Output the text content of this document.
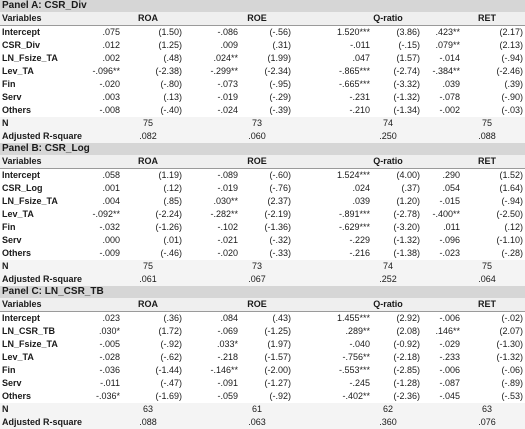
Panel A: CSR_Div
Variables	ROA	ROE	Q-ratio	RET
Intercept	.075	(1.50)	-.086	(-.56)	1.520***	(3.86) .423**	(2.17)
CSR_Div	.012	(1.25)	.009	(.31)	-.011	(-.15) .079**	(2.13)
LN_Fsize_TA	.002	(.48)	.024**	(1.99)	.047	(1.57) -.014	(-.94)
Lev_TA	-.096**	(-2.38)	-.299**	(-2.34)	-.865***	(-2.74) -.384**	(-2.46)
Fin	-.020	(-.80)	-.073	(-.95)	-.665***	(-3.32) .039	(.39)
Serv	.003	(.13)	-.019	(-.29)	-.231	(-1.32) -.078	(-.90)
Others	-.008	(-.40)	-.024	(-.39)	-.210	(-1.34) -.002	(-.03)
N	75	73	74	75
Adjusted R-square	.082	.060	.250	.088
Panel B: CSR_Log
Variables	ROA	ROE	Q-ratio	RET
Intercept	.058	(1.19)	-.089	(-.60)	1.524***	(4.00) .290	(1.52)
CSR_Log	.001	(.12)	-.019	(-.76)	.024	(.37) .054	(1.64)
LN_Fsize_TA	.004	(.85)	.030**	(2.37)	.039	(1.20) -.015	(-.94)
Lev_TA	-.092**	(-2.24)	-.282**	(-2.19)	-.891***	(-2.78) -.400**	(-2.50)
Fin	-.032	(-1.26)	-.102	(-1.36)	-.629***	(-3.20)	.011	(.12)
Serv	.000	(.01)	-.021	(-.32)	-.229	(-1.32) -.096	(-1.10)
Others	-.009	(-.46)	-.020	(-.33)	-.216	(-1.38) -.023	(-.28)
N	75	73	74	75
Adjusted R-square	.061	.067	.252	.064
Panel C: LN_CSR_TB
Variables	ROA	ROE	Q-ratio	RET
Intercept	.023	(.36)	.084	(.43)	1.455***	(2.92) -.006	(-.02)
LN_CSR_TB	.030*	(1.72)	-.069	(-1.25)	.289**	(2.08) .146**	(2.07)
LN_Fsize_TA	-.005	(-.92)	.033*	(1.97)	-.040	(-0.92) -.029	(-1.30)
Lev_TA	-.028	(-.62)	-.218	(-1.57)	-.756**	(-2.18) -.233	(-1.32)
Fin	-.036	(-1.44)	-.146**	(-2.00)	-.553***	(-2.85) -.006	(-.06)
Serv	-.011	(-.47)	-.091	(-1.27)	-.245	(-1.28) -.087	(-.89)
Others	-.036*	(-1.69)	-.059	(-.92)	-.402**	(-2.36) -.045	(-.53)
N	63	61	62	63
Adjusted R-square	.088	.063	.360	.076
